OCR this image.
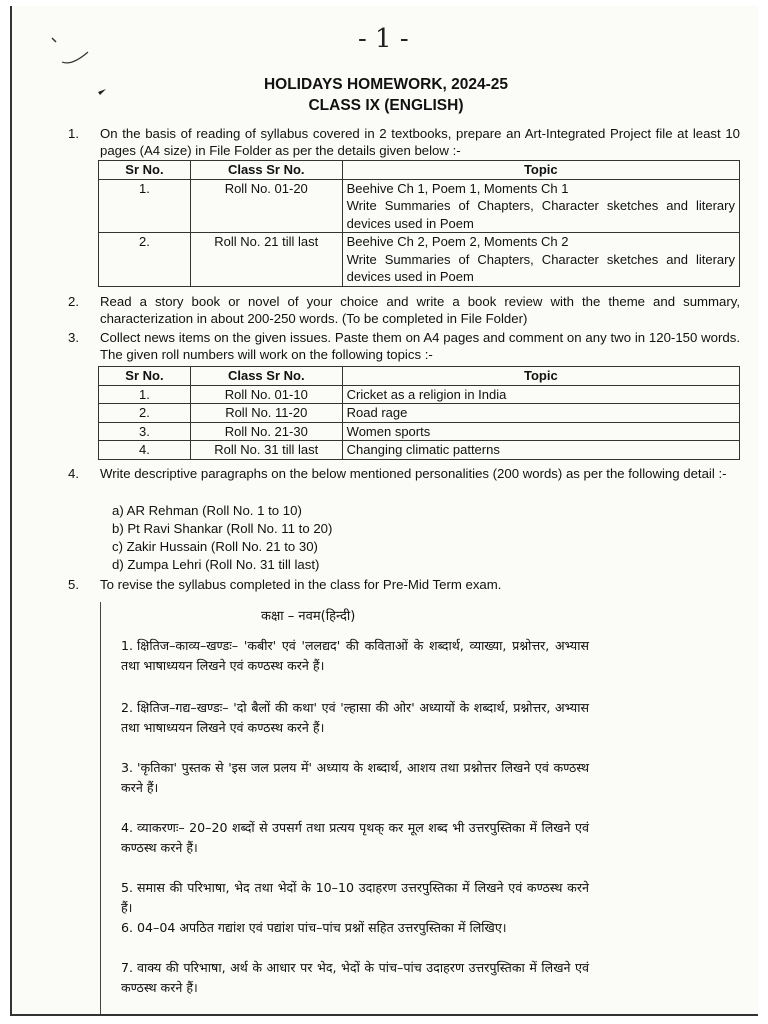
- 1 -
HOLIDAYS HOMEWORK, 2024-25
CLASS IX (ENGLISH)
1. On the basis of reading of syllabus covered in 2 textbooks, prepare an Art-Integrated Project file at least 10 pages (A4 size) in File Folder as per the details given below :-
Sr No.	Class Sr No.	Topic
1.	Roll No. 01-20	Beehive Ch 1, Poem 1, Moments Ch 1
Write Summaries of Chapters, Character sketches and literary devices used in Poem

2.	Roll No. 21 till last	Beehive Ch 2, Poem 2, Moments Ch 2
Write Summaries of Chapters, Character sketches and literary devices used in Poem
2. Read a story book or novel of your choice and write a book review with the theme and summary, characterization in about 200-250 words. (To be completed in File Folder)
3. Collect news items on the given issues. Paste them on A4 pages and comment on any two in 120-150 words. The given roll numbers will work on the following topics :-
Sr No.	Class Sr No.	Topic
1.	Roll No. 01-10	Cricket as a religion in India
2.	Roll No. 11-20	Road rage
3.	Roll No. 21-30	Women sports
4.	Roll No. 31 till last	Changing climatic patterns
4. Write descriptive paragraphs on the below mentioned personalities (200 words) as per the following detail :-
a) AR Rehman (Roll No. 1 to 10)
b) Pt Ravi Shankar (Roll No. 11 to 20)
c) Zakir Hussain (Roll No. 21 to 30)
d) Zumpa Lehri (Roll No. 31 till last)
5. To revise the syllabus completed in the class for Pre-Mid Term exam.
कक्षा – नवम(हिन्दी)
1. क्षितिज–काव्य–खण्डः– 'कबीर' एवं 'ललद्यद' की कविताओं के शब्दार्थ, व्याख्या, प्रश्नोत्तर, अभ्यास तथा भाषाध्ययन लिखने एवं कण्ठस्थ करने हैं।
2. क्षितिज–गद्य–खण्डः– 'दो बैलों की कथा' एवं 'ल्हासा की ओर' अध्यायों के शब्दार्थ, प्रश्नोत्तर, अभ्यास तथा भाषाध्ययन लिखने एवं कण्ठस्थ करने हैं।
3. 'कृतिका' पुस्तक से 'इस जल प्रलय में' अध्याय के शब्दार्थ, आशय तथा प्रश्नोत्तर लिखने एवं कण्ठस्थ करने हैं।
4. व्याकरणः– 20–20 शब्दों से उपसर्ग तथा प्रत्यय पृथक् कर मूल शब्द भी उत्तरपुस्तिका में लिखने एवं कण्ठस्थ करने हैं।
5. समास की परिभाषा, भेद तथा भेदों के 10–10 उदाहरण उत्तरपुस्तिका में लिखने एवं कण्ठस्थ करने हैं।
6. 04–04 अपठित गद्यांश एवं पद्यांश पांच–पांच प्रश्नों सहित उत्तरपुस्तिका में लिखिए।
7. वाक्य की परिभाषा, अर्थ के आधार पर भेद, भेदों के पांच–पांच उदाहरण उत्तरपुस्तिका में लिखने एवं कण्ठस्थ करने हैं।
